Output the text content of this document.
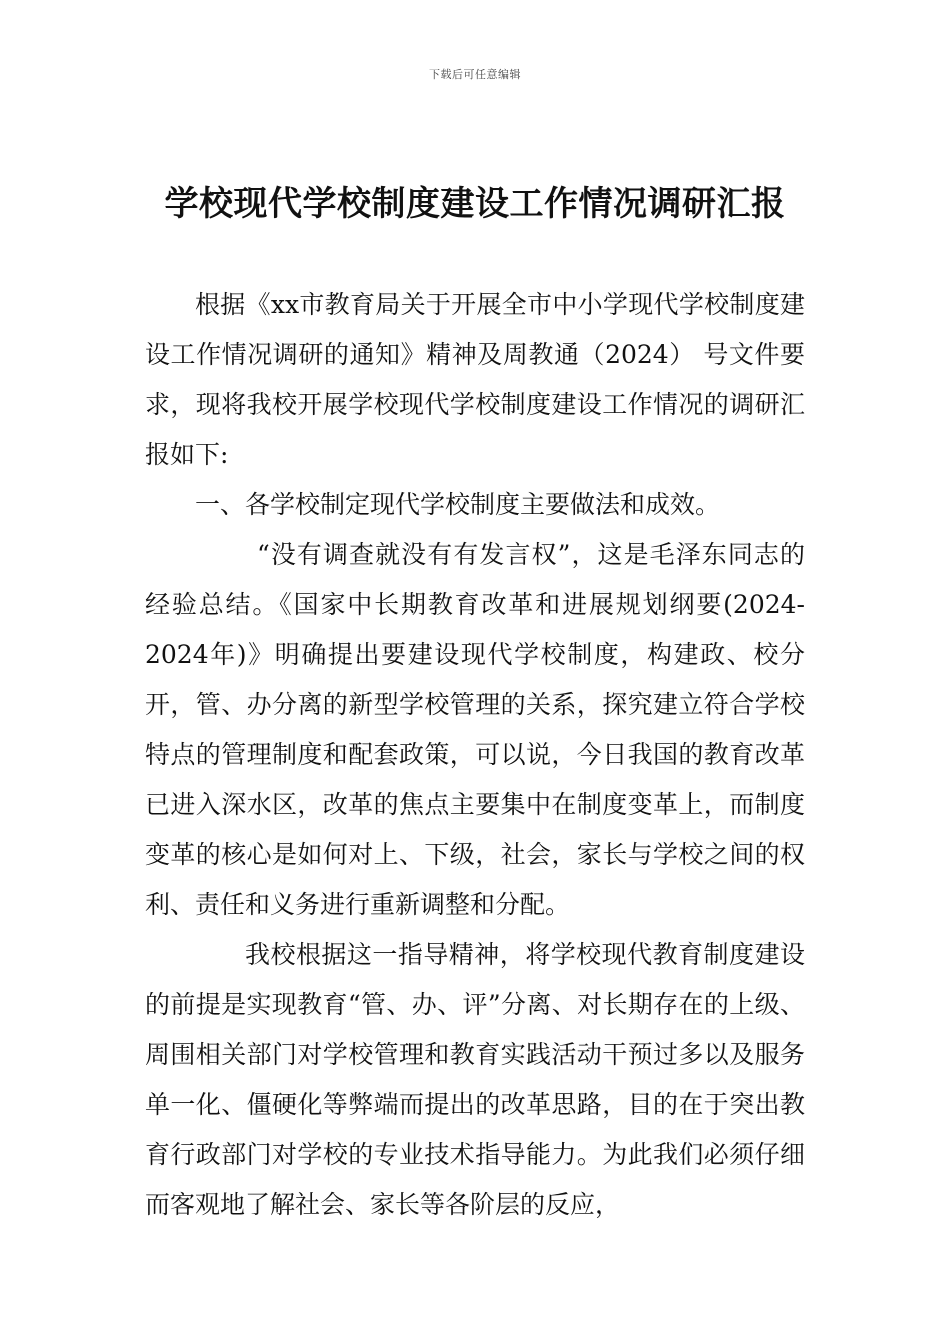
下载后可任意编辑
学校现代学校制度建设工作情况调研汇报

根据《xx市教育局关于开展全市中小学现代学校制度建设工作情况调研的通知》精神及周教通（2024） 号文件要求，现将我校开展学校现代学校制度建设工作情况的调研汇报如下:

一、各学校制定现代学校制度主要做法和成效。

“没有调查就没有有发言权”，这是毛泽东同志的经验总结。《国家中长期教育改革和进展规划纲要(2024-2024年)》明确提出要建设现代学校制度，构建政、校分开，管、办分离的新型学校管理的关系，探究建立符合学校特点的管理制度和配套政策，可以说，今日我国的教育改革已进入深水区，改革的焦点主要集中在制度变革上，而制度变革的核心是如何对上、下级，社会，家长与学校之间的权利、责任和义务进行重新调整和分配。

我校根据这一指导精神，将学校现代教育制度建设的前提是实现教育“管、办、评”分离、对长期存在的上级、周围相关部门对学校管理和教育实践活动干预过多以及服务单一化、僵硬化等弊端而提出的改革思路，目的在于突出教育行政部门对学校的专业技术指导能力。为此我们必须仔细而客观地了解社会、家长等各阶层的反应，
